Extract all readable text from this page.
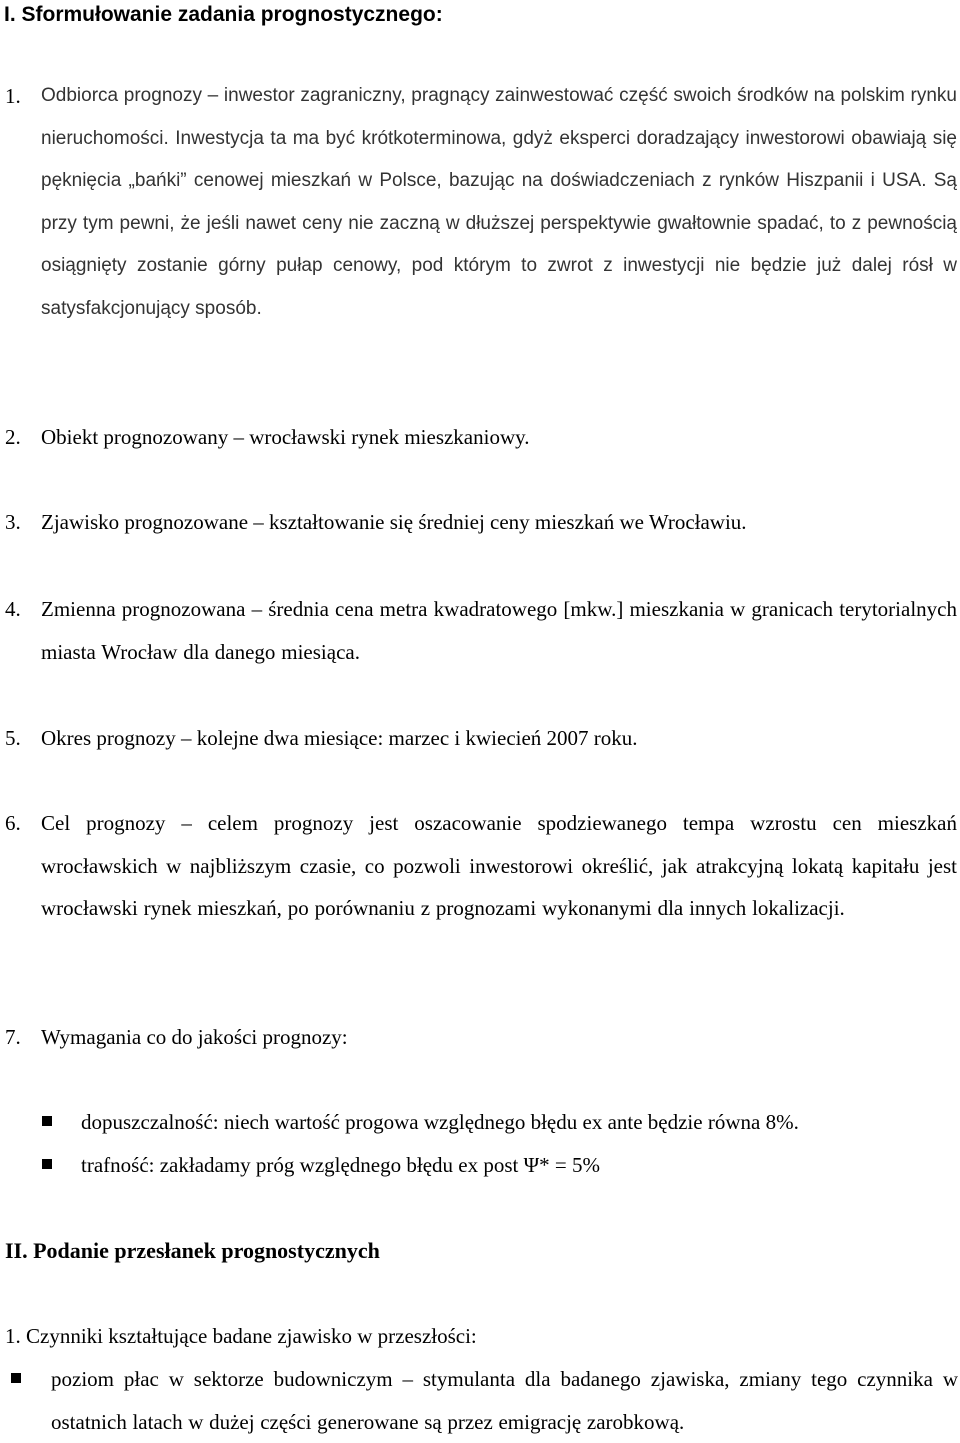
I. Sformułowanie zadania prognostycznego:
1.	Odbiorca prognozy – inwestor zagraniczny, pragnący zainwestować część swoich środków na polskim rynku nieruchomości. Inwestycja ta ma być krótkoterminowa, gdyż eksperci doradzający inwestorowi obawiają się pęknięcia „bańki” cenowej mieszkań w Polsce, bazując na doświadczeniach z rynków Hiszpanii i USA. Są przy tym pewni, że jeśli nawet ceny nie zaczną w dłuższej perspektywie gwałtownie spadać, to z pewnością osiągnięty zostanie górny pułap cenowy, pod którym to zwrot z inwestycji nie będzie już dalej rósł w satysfakcjonujący sposób.
2. Obiekt prognozowany – wrocławski rynek mieszkaniowy.
3. Zjawisko prognozowane – kształtowanie się średniej ceny mieszkań we Wrocławiu.
4. Zmienna prognozowana – średnia cena metra kwadratowego [mkw.] mieszkania w granicach terytorialnych miasta Wrocław dla danego miesiąca.
5. Okres prognozy – kolejne dwa miesiące: marzec i kwiecień 2007 roku.
6. Cel prognozy – celem prognozy jest oszacowanie spodziewanego tempa wzrostu cen mieszkań wrocławskich w najbliższym czasie, co pozwoli inwestorowi określić, jak atrakcyjną lokatą kapitału jest wrocławski rynek mieszkań, po porównaniu z prognozami wykonanymi dla innych lokalizacji.
7. Wymagania co do jakości prognozy:
dopuszczalność: niech wartość progowa względnego błędu ex ante będzie równa 8%.
trafność: zakładamy próg względnego błędu ex post Ψ* = 5%
II. Podanie przesłanek prognostycznych

1. Czynniki kształtujące badane zjawisko w przeszłości:

poziom płac w sektorze budowniczym – stymulanta dla badanego zjawiska, zmiany tego czynnika w ostatnich latach w dużej części generowane są przez emigrację zarobkową.
